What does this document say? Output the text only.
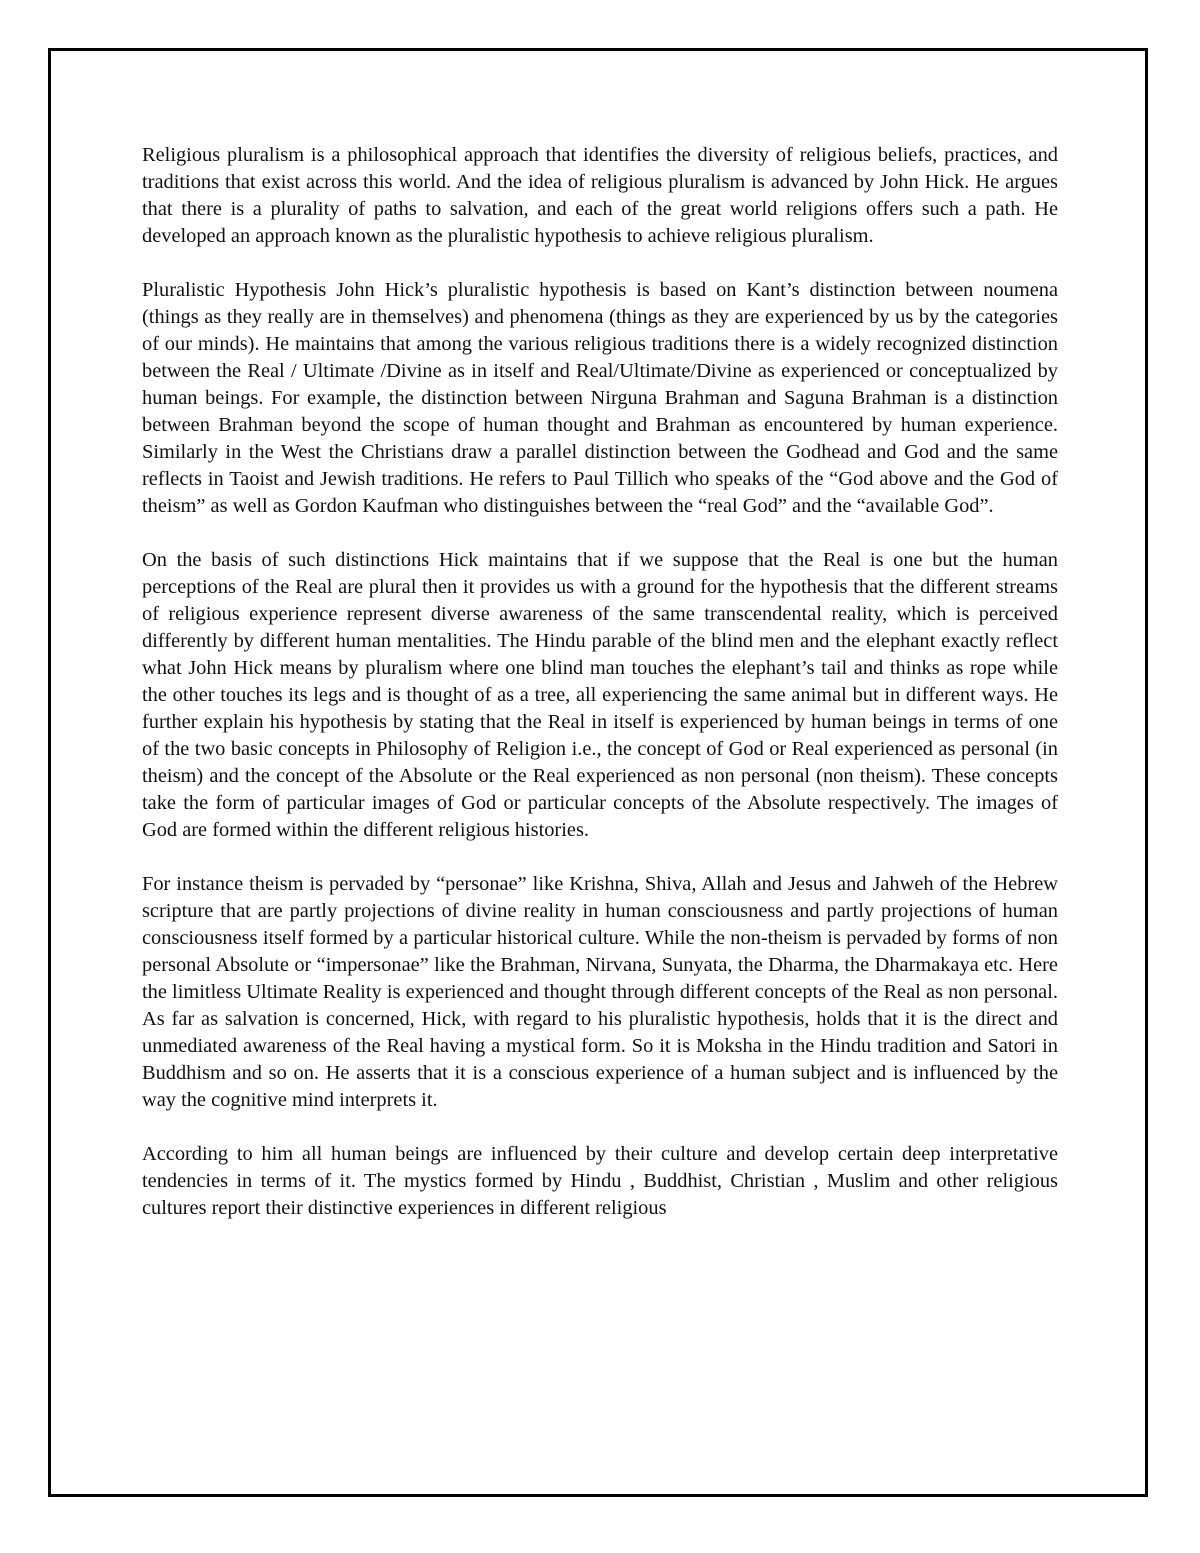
Religious pluralism is a philosophical approach that identifies the diversity of religious beliefs, practices, and traditions that exist across this world. And the idea of religious pluralism is advanced by John Hick. He argues that there is a plurality of paths to salvation, and each of the great world religions offers such a path. He developed an approach known as the pluralistic hypothesis to achieve religious pluralism.

Pluralistic Hypothesis John Hick’s pluralistic hypothesis is based on Kant’s distinction between noumena (things as they really are in themselves) and phenomena (things as they are experienced by us by the categories of our minds). He maintains that among the various religious traditions there is a widely recognized distinction between the Real / Ultimate /Divine as in itself and Real/Ultimate/Divine as experienced or conceptualized by human beings. For example, the distinction between Nirguna Brahman and Saguna Brahman is a distinction between Brahman beyond the scope of human thought and Brahman as encountered by human experience. Similarly in the West the Christians draw a parallel distinction between the Godhead and God and the same reflects in Taoist and Jewish traditions. He refers to Paul Tillich who speaks of the “God above and the God of theism” as well as Gordon Kaufman who distinguishes between the “real God” and the “available God”.

On the basis of such distinctions Hick maintains that if we suppose that the Real is one but the human perceptions of the Real are plural then it provides us with a ground for the hypothesis that the different streams of religious experience represent diverse awareness of the same transcendental reality, which is perceived differently by different human mentalities. The Hindu parable of the blind men and the elephant exactly reflect what John Hick means by pluralism where one blind man touches the elephant’s tail and thinks as rope while the other touches its legs and is thought of as a tree, all experiencing the same animal but in different ways. He further explain his hypothesis by stating that the Real in itself is experienced by human beings in terms of one of the two basic concepts in Philosophy of Religion i.e., the concept of God or Real experienced as personal (in theism) and the concept of the Absolute or the Real experienced as non personal (non theism). These concepts take the form of particular images of God or particular concepts of the Absolute respectively. The images of God are formed within the different religious histories.

For instance theism is pervaded by “personae” like Krishna, Shiva, Allah and Jesus and Jahweh of the Hebrew scripture that are partly projections of divine reality in human consciousness and partly projections of human consciousness itself formed by a particular historical culture. While the non-theism is pervaded by forms of non personal Absolute or “impersonae” like the Brahman, Nirvana, Sunyata, the Dharma, the Dharmakaya etc. Here the limitless Ultimate Reality is experienced and thought through different concepts of the Real as non personal. As far as salvation is concerned, Hick, with regard to his pluralistic hypothesis, holds that it is the direct and unmediated awareness of the Real having a mystical form. So it is Moksha in the Hindu tradition and Satori in Buddhism and so on. He asserts that it is a conscious experience of a human subject and is influenced by the way the cognitive mind interprets it.

According to him all human beings are influenced by their culture and develop certain deep interpretative tendencies in terms of it. The mystics formed by Hindu , Buddhist, Christian , Muslim and other religious cultures report their distinctive experiences in different religious
